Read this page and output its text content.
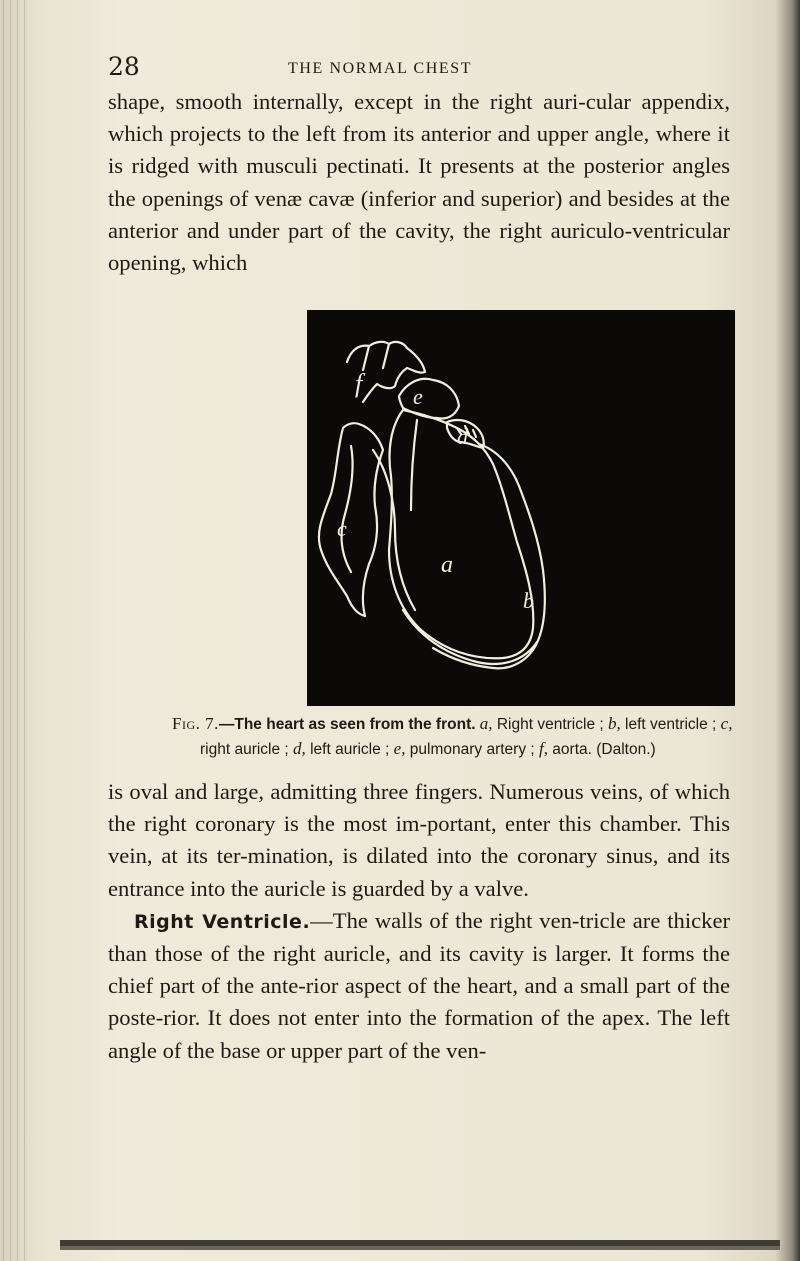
28	THE NORMAL CHEST

shape, smooth internally, except in the right auri-cular appendix, which projects to the left from its anterior and upper angle, where it is ridged with musculi pectinati. It presents at the posterior angles the openings of venæ cavæ (inferior and superior) and besides at the anterior and under part of the cavity, the right auriculo-ventricular opening, which

f e
d
c
a
b

Fig. 7.—The heart as seen from the front. a, Right ventricle ; b, left ventricle ; c, right auricle ; d, left auricle ; e, pulmonary artery ; f, aorta. (Dalton.)

is oval and large, admitting three fingers. Numerous veins, of which the right coronary is the most im-portant, enter this chamber. This vein, at its ter-mination, is dilated into the coronary sinus, and its entrance into the auricle is guarded by a valve.

Right Ventricle.—The walls of the right ven-tricle are thicker than those of the right auricle, and its cavity is larger. It forms the chief part of the ante-rior aspect of the heart, and a small part of the poste-rior. It does not enter into the formation of the apex. The left angle of the base or upper part of the ven-
